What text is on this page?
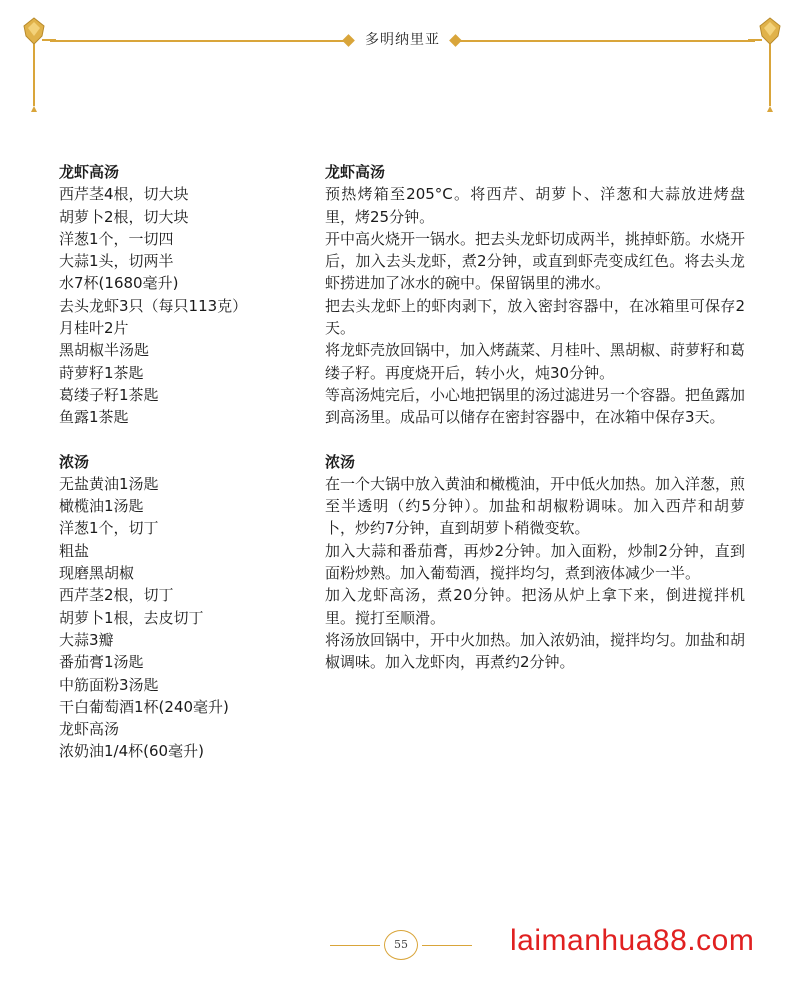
多明纳里亚
龙虾高汤
西芹茎4根，切大块
胡萝卜2根，切大块
洋葱1个，一切四
大蒜1头，切两半
水7杯(1680毫升)
去头龙虾3只（每只113克）
月桂叶2片
黑胡椒半汤匙
莳萝籽1茶匙
葛缕子籽1茶匙
鱼露1茶匙
浓汤
无盐黄油1汤匙
橄榄油1汤匙
洋葱1个，切丁
粗盐
现磨黑胡椒
西芹茎2根，切丁
胡萝卜1根，去皮切丁
大蒜3瓣
番茄膏1汤匙
中筋面粉3汤匙
干白葡萄酒1杯(240毫升)
龙虾高汤
浓奶油1/4杯(60毫升)
龙虾高汤
预热烤箱至205°C。将西芹、胡萝卜、洋葱和大蒜放进烤盘里，烤25分钟。
开中高火烧开一锅水。把去头龙虾切成两半，挑掉虾筋。水烧开后，加入去头龙虾，煮2分钟，或直到虾壳变成红色。将去头龙虾捞进加了冰水的碗中。保留锅里的沸水。
把去头龙虾上的虾肉剥下，放入密封容器中，在冰箱里可保存2天。
将龙虾壳放回锅中，加入烤蔬菜、月桂叶、黑胡椒、莳萝籽和葛缕子籽。再度烧开后，转小火，炖30分钟。
等高汤炖完后，小心地把锅里的汤过滤进另一个容器。把鱼露加到高汤里。成品可以储存在密封容器中，在冰箱中保存3天。
浓汤
在一个大锅中放入黄油和橄榄油，开中低火加热。加入洋葱，煎至半透明（约5分钟）。加盐和胡椒粉调味。加入西芹和胡萝卜，炒约7分钟，直到胡萝卜稍微变软。
加入大蒜和番茄膏，再炒2分钟。加入面粉，炒制2分钟，直到面粉炒熟。加入葡萄酒，搅拌均匀，煮到液体减少一半。
加入龙虾高汤，煮20分钟。把汤从炉上拿下来，倒进搅拌机里。搅打至顺滑。
将汤放回锅中，开中火加热。加入浓奶油，搅拌均匀。加盐和胡椒调味。加入龙虾肉，再煮约2分钟。
55	laimanhua88.com
